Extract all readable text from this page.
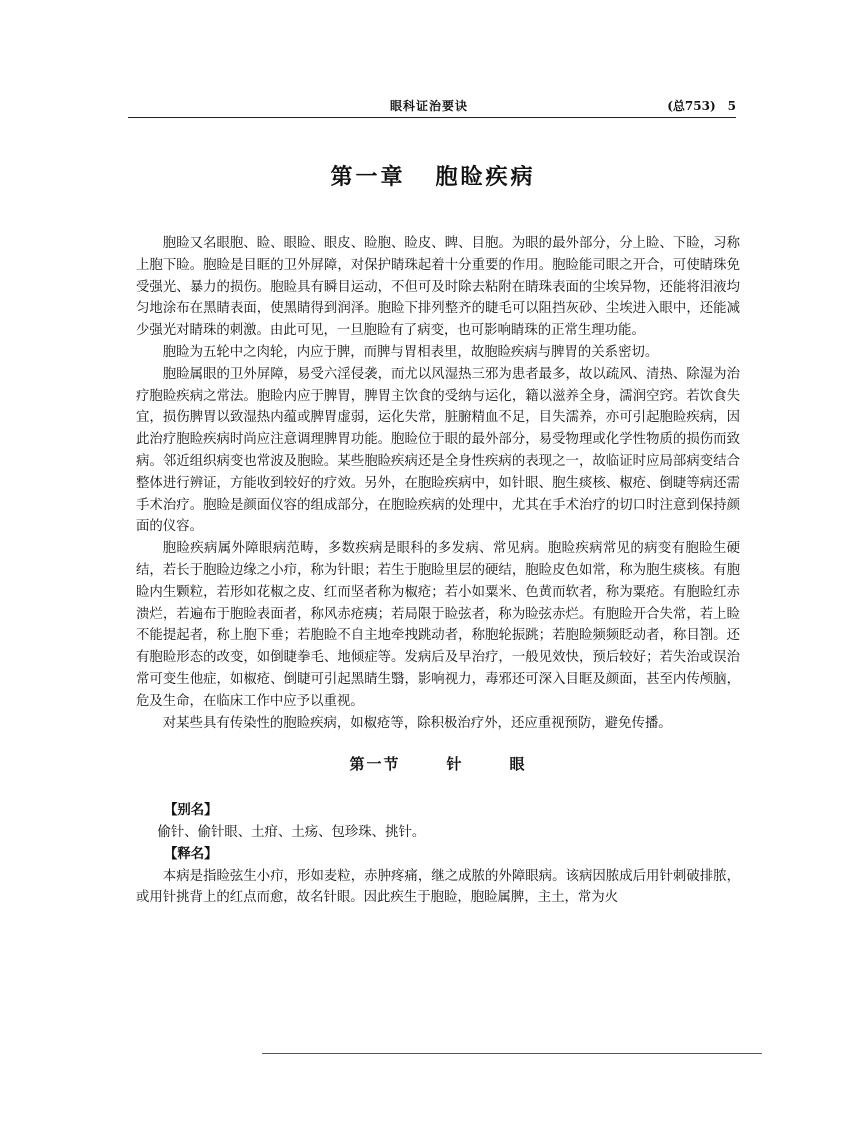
眼科证治要诀	(总753) 5
第一章 胞睑疾病

胞睑又名眼胞、睑、眼睑、眼皮、睑胞、睑皮、睥、目胞。为眼的最外部分，分上睑、下睑，习称上胞下睑。胞睑是目眶的卫外屏障，对保护睛珠起着十分重要的作用。胞睑能司眼之开合，可使睛珠免受强光、暴力的损伤。胞睑具有瞬目运动，不但可及时除去粘附在睛珠表面的尘埃异物，还能将泪液均匀地涂布在黑睛表面，使黑睛得到润泽。胞睑下排列整齐的睫毛可以阻挡灰砂、尘埃进入眼中，还能减少强光对睛珠的刺激。由此可见，一旦胞睑有了病变，也可影响睛珠的正常生理功能。

胞睑为五轮中之肉轮，内应于脾，而脾与胃相表里，故胞睑疾病与脾胃的关系密切。

胞睑属眼的卫外屏障，易受六淫侵袭，而尤以风湿热三邪为患者最多，故以疏风、清热、除湿为治疗胞睑疾病之常法。胞睑内应于脾胃，脾胃主饮食的受纳与运化，籍以滋养全身，濡润空窍。若饮食失宜，损伤脾胃以致湿热内蕴或脾胃虚弱，运化失常，脏腑精血不足，目失濡养，亦可引起胞睑疾病，因此治疗胞睑疾病时尚应注意调理脾胃功能。胞睑位于眼的最外部分，易受物理或化学性物质的损伤而致病。邻近组织病变也常波及胞睑。某些胞睑疾病还是全身性疾病的表现之一，故临证时应局部病变结合整体进行辨证，方能收到较好的疗效。另外，在胞睑疾病中，如针眼、胞生痰核、椒疮、倒睫等病还需手术治疗。胞睑是颜面仪容的组成部分，在胞睑疾病的处理中，尤其在手术治疗的切口时注意到保持颜面的仪容。

胞睑疾病属外障眼病范畴，多数疾病是眼科的多发病、常见病。胞睑疾病常见的病变有胞睑生硬结，若长于胞睑边缘之小疖，称为针眼；若生于胞睑里层的硬结，胞睑皮色如常，称为胞生痰核。有胞睑内生颗粒，若形如花椒之皮、红而坚者称为椒疮；若小如粟米、色黄而软者，称为粟疮。有胞睑红赤溃烂，若遍布于胞睑表面者，称风赤疮痍；若局限于睑弦者，称为睑弦赤烂。有胞睑开合失常，若上睑不能提起者，称上胞下垂；若胞睑不自主地牵拽跳动者，称胞轮振跳；若胞睑频频眨动者，称目劄。还有胞睑形态的改变，如倒睫拳毛、地倾症等。发病后及早治疗，一般见效快，预后较好；若失治或误治常可变生他症，如椒疮、倒睫可引起黑睛生翳，影响视力，毒邪还可深入目眶及颜面，甚至内传颅脑，危及生命，在临床工作中应予以重视。

对某些具有传染性的胞睑疾病，如椒疮等，除积极治疗外，还应重视预防，避免传播。

第一节	针	眼

【别名】

偷针、偷针眼、土疳、土疡、包珍珠、挑针。

【释名】

本病是指睑弦生小疖，形如麦粒，赤肿疼痛，继之成脓的外障眼病。该病因脓成后用针刺破排脓，或用针挑背上的红点而愈，故名针眼。因此疾生于胞睑，胞睑属脾，主土，常为火
